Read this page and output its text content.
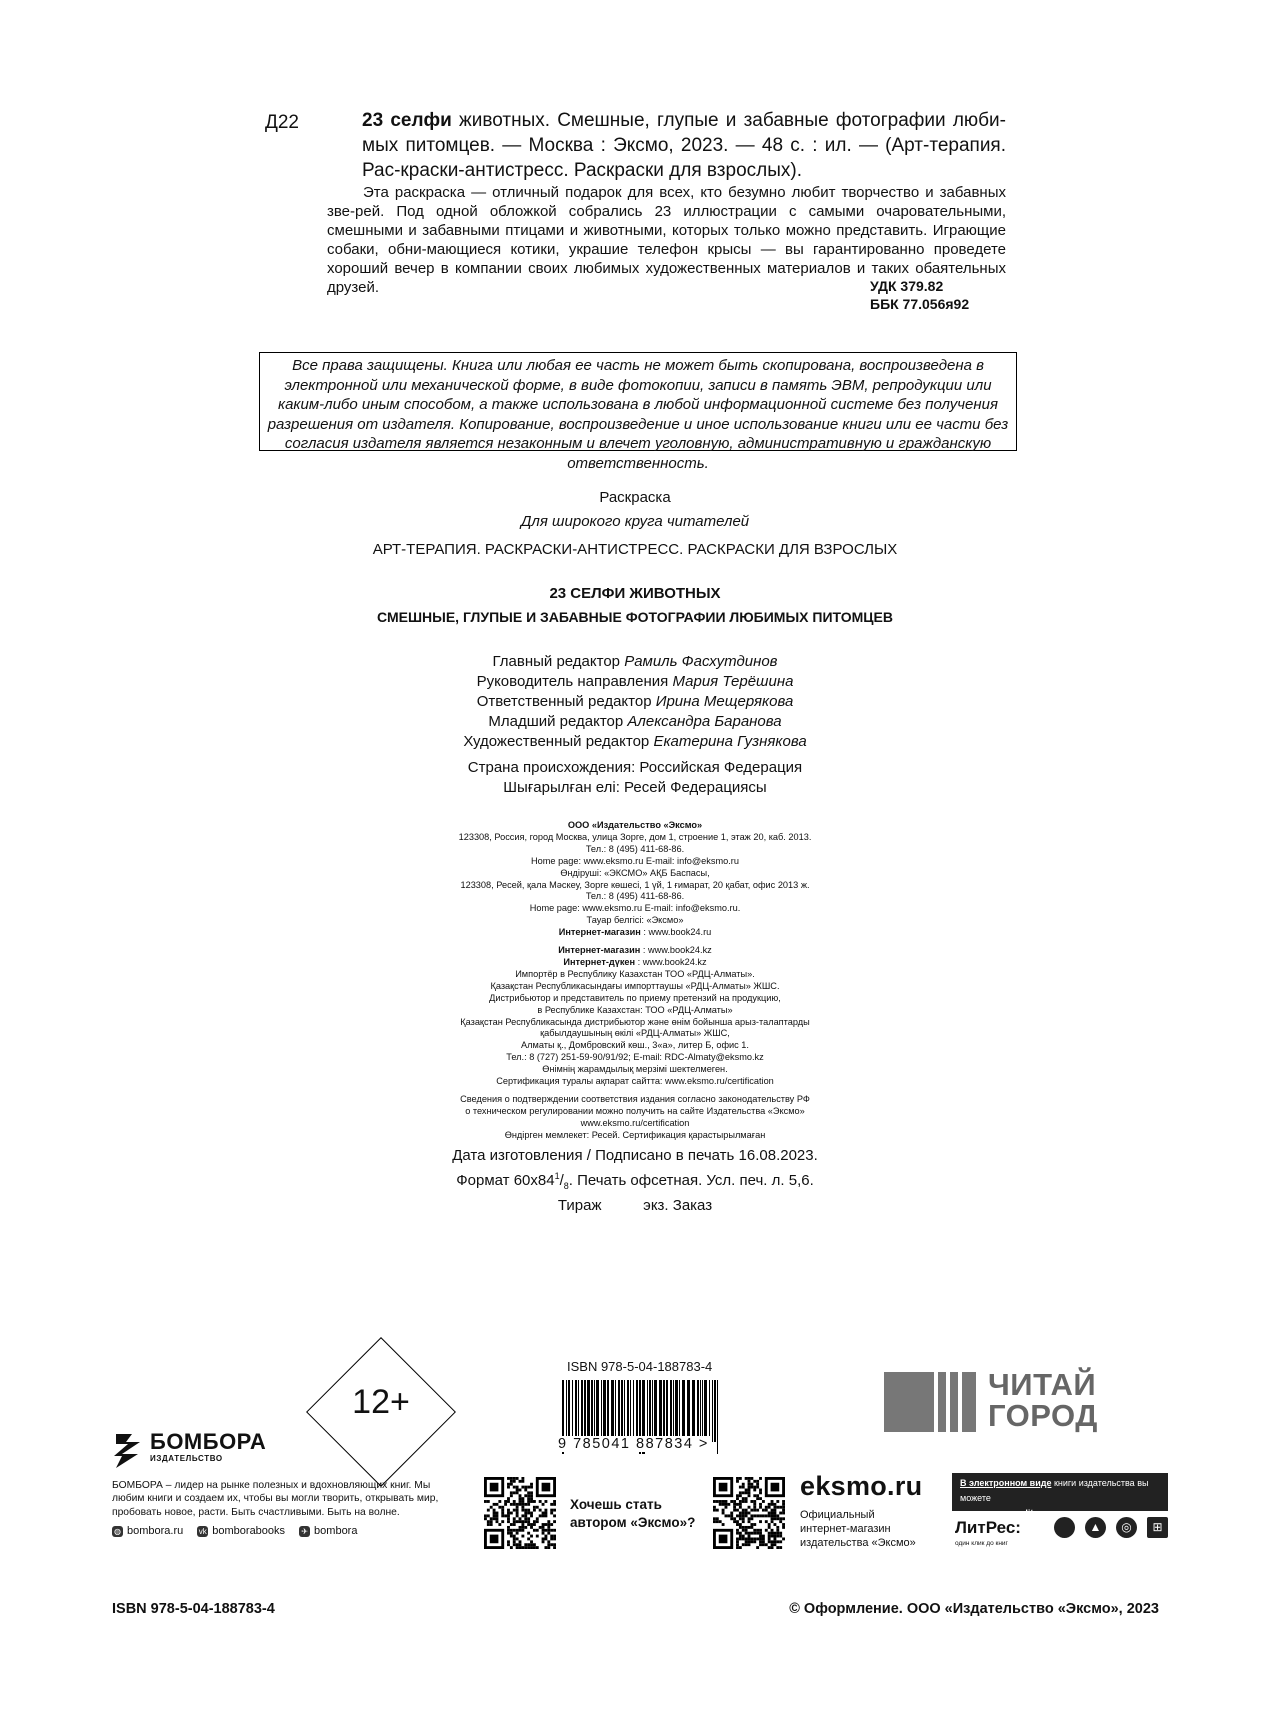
Д22	23 селфи животных. Смешные, глупые и забавные фотографии люби-мых питомцев. — Москва : Эксмо, 2023. — 48 с. : ил. — (Арт-терапия. Рас-краски-антистресс. Раскраски для взрослых).
Эта раскраска — отличный подарок для всех, кто безумно любит творчество и забавных зве-рей. Под одной обложкой собрались 23 иллюстрации с самыми очаровательными, смешными и забавными птицами и животными, которых только можно представить. Играющие собаки, обни-мающиеся котики, украшие телефон крысы — вы гарантированно проведете хороший вечер в компании своих любимых художественных материалов и таких обаятельных друзей.	УДК 379.82
ББК 77.056я92
Все права защищены. Книга или любая ее часть не может быть скопирована, воспроизведена в электронной или механической форме, в виде фотокопии, записи в память ЭВМ, репродукции или каким-либо иным способом, а также использована в любой информационной системе без получения разрешения от издателя. Копирование, воспроизведение и иное использование книги или ее части без согласия издателя является незаконным и влечет уголовную, административную и гражданскую ответственность.
Раскраска
Для широкого круга читателей
АРТ-ТЕРАПИЯ. РАСКРАСКИ-АНТИСТРЕСС. РАСКРАСКИ ДЛЯ ВЗРОСЛЫХ
23 СЕЛФИ ЖИВОТНЫХ
СМЕШНЫЕ, ГЛУПЫЕ И ЗАБАВНЫЕ ФОТОГРАФИИ ЛЮБИМЫХ ПИТОМЦЕВ
Главный редактор Рамиль Фасхутдинов
Руководитель направления Мария Терёшина
Ответственный редактор Ирина Мещерякова
Младший редактор Александра Баранова
Художественный редактор Екатерина Гузнякова
Страна происхождения: Российская Федерация
Шығарылған елі: Ресей Федерациясы
ООО «Издательство «Эксмо»
123308, Россия, город Москва, улица Зорге, дом 1, строение 1, этаж 20, каб. 2013.
Тел.: 8 (495) 411-68-86.
Home page: www.eksmo.ru E-mail: info@eksmo.ru
Өндіруші: «ЭКСМО» АҚБ Баспасы,
123308, Ресей, қала Мәскеу, Зорге көшесі, 1 үй, 1 ғимарат, 20 қабат, офис 2013 ж.
Тел.: 8 (495) 411-68-86.
Home page: www.eksmo.ru E-mail: info@eksmo.ru.
Тауар белгісі: «Эксмо»
Интернет-магазин : www.book24.ru
Интернет-магазин : www.book24.kz
Интернет-дүкен : www.book24.kz
Импортёр в Республику Казахстан ТОО «РДЦ-Алматы».
Қазақстан Республикасындағы импорттаушы «РДЦ-Алматы» ЖШС.
Дистрибьютор и представитель по приему претензий на продукцию,
в Республике Казахстан: ТОО «РДЦ-Алматы»
Қазақстан Республикасында дистрибьютор және өнім бойынша арыз-талаптарды
қабылдаушының өкілі «РДЦ-Алматы» ЖШС,
Алматы қ., Домбровский көш., 3«а», литер Б, офис 1.
Тел.: 8 (727) 251-59-90/91/92; E-mail: RDC-Almaty@eksmo.kz
Өнімнің жарамдылық мерзімі шектелмеген.
Сертификация туралы ақпарат сайтта: www.eksmo.ru/certification
Сведения о подтверждении соответствия издания согласно законодательству РФ
о техническом регулировании можно получить на сайте Издательства «Эксмо»
www.eksmo.ru/certification
Өндірген мемлекет: Ресей. Сертификация қарастырылмаған
Дата изготовления / Подписано в печать 16.08.2023.
Формат $60x84^1/_8$. Печать офсетная. Усл. печ. л. 5,6.
Тираж          экз. Заказ
12+
ISBN 978-5-04-188783-4
9 785041 887834 >
БОМБОРА
ИЗДАТЕЛЬСТВО
БОМБОРА – лидер на рынке полезных и вдохновляющих книг. Мы любим книги и создаем их, чтобы вы могли творить, открывать мир, пробовать новое, расти. Быть счастливыми. Быть на волне.
◍ bombora.ru vk bomborabooks ✈ bombora
Хочешь стать
автором «Эксмо»?
eksmo.ru
Официальный
интернет-магазин
издательства «Эксмо»
ЧИТАЙ
ГОРОД
В электронном виде книги издательства вы можете
купить на www.litres.ru
ЛитРес:
один клик до книг
▲	◎	⊞
ISBN 978-5-04-188783-4	© Оформление. ООО «Издательство «Эксмо», 2023
